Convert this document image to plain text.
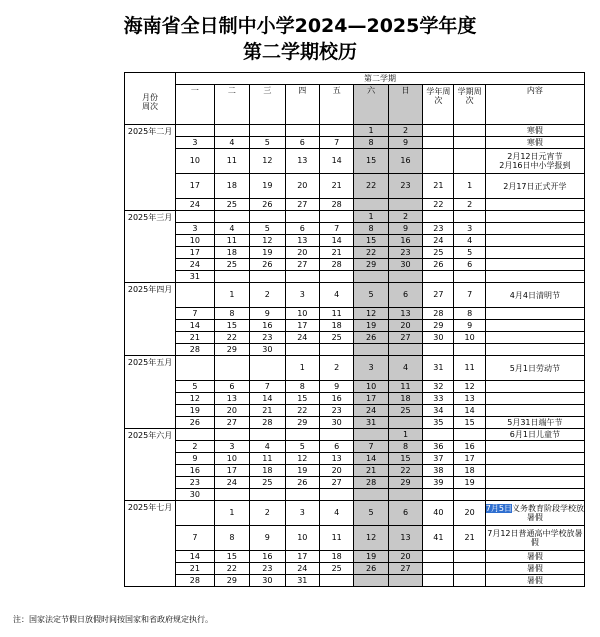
海南省全日制中小学2024—2025学年度
第二学期校历
月份
周次	第二学期									
	一	二	三	四	五	六	日	学年周次	学期周次	内容
2025年二月						1	2			寒假
	3	4	5	6	7	8	9			寒假
	10	11	12	13	14	15	16			2月12日元宵节
2月16日中小学报到
	17	18	19	20	21	22	23	21	1	2月17日正式开学
	24	25	26	27	28			22	2	
2025年三月						1	2			
	3	4	5	6	7	8	9	23	3	
	10	11	12	13	14	15	16	24	4	
	17	18	19	20	21	22	23	25	5	
	24	25	26	27	28	29	30	26	6	
	31									
2025年四月		1	2	3	4	5	6	27	7	4月4日清明节
	7	8	9	10	11	12	13	28	8	
	14	15	16	17	18	19	20	29	9	
	21	22	23	24	25	26	27	30	10	
	28	29	30							
2025年五月				1	2	3	4	31	11	5月1日劳动节
	5	6	7	8	9	10	11	32	12	
	12	13	14	15	16	17	18	33	13	
	19	20	21	22	23	24	25	34	14	
	26	27	28	29	30	31		35	15	5月31日端午节
2025年六月							1			6月1日儿童节
	2	3	4	5	6	7	8	36	16	
	9	10	11	12	13	14	15	37	17	
	16	17	18	19	20	21	22	38	18	
	23	24	25	26	27	28	29	39	19	
	30									
2025年七月		1	2	3	4	5	6	40	20	7月5日义务教育阶段学校放暑假
	7	8	9	10	11	12	13	41	21	7月12日普通高中学校放暑假
	14	15	16	17	18	19	20			暑假
	21	22	23	24	25	26	27			暑假
	28	29	30	31						暑假
注：国家法定节假日放假时间按国家和省政府规定执行。
